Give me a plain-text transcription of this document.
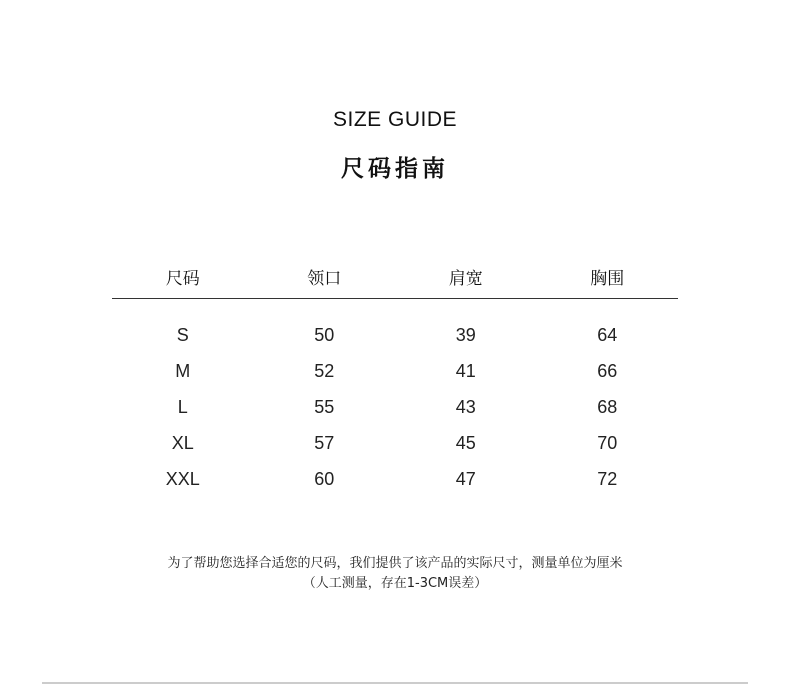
SIZE GUIDE
尺码指南
尺码	领口	肩宽	胸围
S	50	39	64
M	52	41	66
L	55	43	68
XL	57	45	70
XXL	60	47	72
为了帮助您选择合适您的尺码，我们提供了该产品的实际尺寸，测量单位为厘米
（人工测量，存在1-3CM误差）
